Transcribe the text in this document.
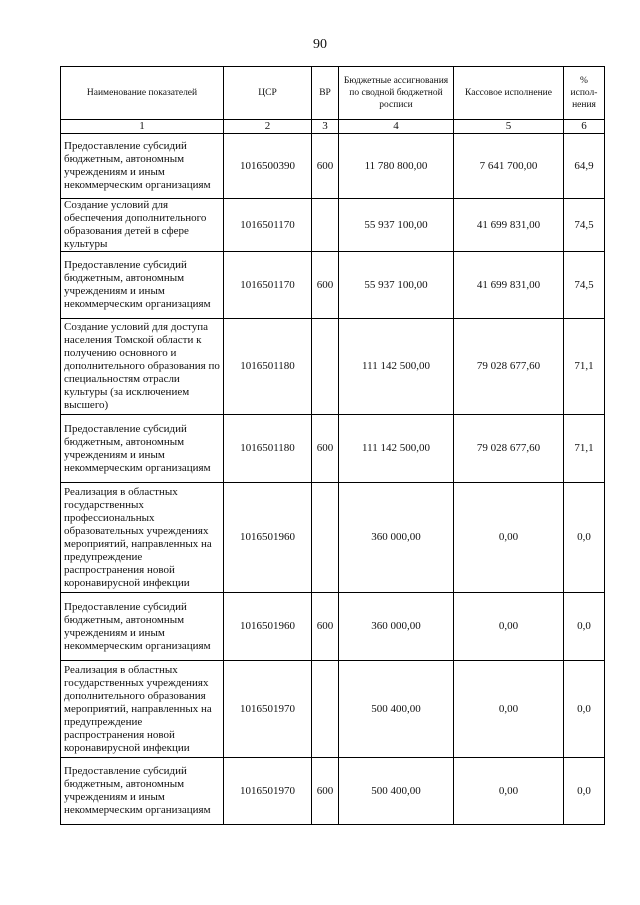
90
Наименование показателей	ЦСР	ВР	Бюджетные ассигнования по сводной бюджетной росписи	Кассовое исполнение	% испол-нения
1	2	3	4	5	6
Предоставление субсидий бюджетным, автономным учреждениям и иным некоммерческим организациям	1016500390	600	11 780 800,00	7 641 700,00	64,9
Создание условий для обеспечения дополнительного образования детей в сфере культуры	1016501170		55 937 100,00	41 699 831,00	74,5
Предоставление субсидий бюджетным, автономным учреждениям и иным некоммерческим организациям	1016501170	600	55 937 100,00	41 699 831,00	74,5
Создание условий для доступа населения Томской области к получению основного и дополнительного образования по специальностям отрасли культуры (за исключением высшего)	1016501180		111 142 500,00	79 028 677,60	71,1
Предоставление субсидий бюджетным, автономным учреждениям и иным некоммерческим организациям	1016501180	600	111 142 500,00	79 028 677,60	71,1
Реализация в областных государственных профессиональных образовательных учреждениях мероприятий, направленных на предупреждение распространения новой коронавирусной инфекции	1016501960		360 000,00	0,00	0,0
Предоставление субсидий бюджетным, автономным учреждениям и иным некоммерческим организациям	1016501960	600	360 000,00	0,00	0,0
Реализация в областных государственных учреждениях дополнительного образования мероприятий, направленных на предупреждение распространения новой коронавирусной инфекции	1016501970		500 400,00	0,00	0,0
Предоставление субсидий бюджетным, автономным учреждениям и иным некоммерческим организациям	1016501970	600	500 400,00	0,00	0,0
